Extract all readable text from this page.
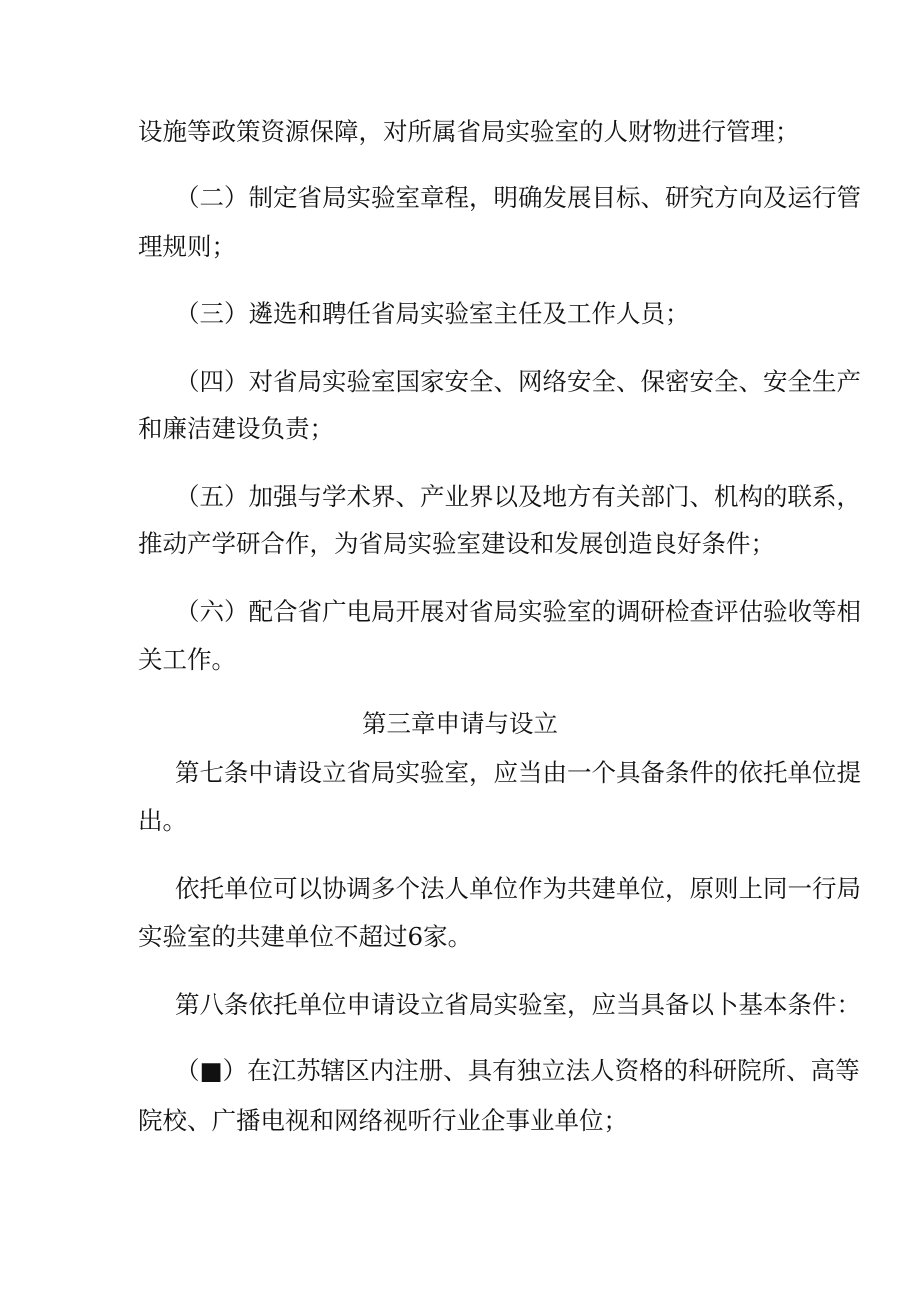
设施等政策资源保障，对所属省局实验室的人财物进行管理；
（二）制定省局实验室章程，明确发展目标、研究方向及运行管
理规则；
（三）遴选和聘任省局实验室主任及工作人员；
（四）对省局实验室国家安全、网络安全、保密安全、安全生产
和廉洁建设负责；
（五）加强与学术界、产业界以及地方有关部门、机构的联系，
推动产学研合作，为省局实验室建设和发展创造良好条件；
（六）配合省广电局开展对省局实验室的调研检查评估验收等相
关工作。
第三章申请与设立
第七条中请设立省局实验室，应当由一个具备条件的依托单位提
出。
依托单位可以协调多个法人单位作为共建单位，原则上同一行局
实验室的共建单位不超过6家。
第八条依托单位申请设立省局实验室，应当具备以卜基本条件：
（■）在江苏辖区内注册、具有独立法人资格的科研院所、高等
院校、广播电视和网络视听行业企事业单位；
